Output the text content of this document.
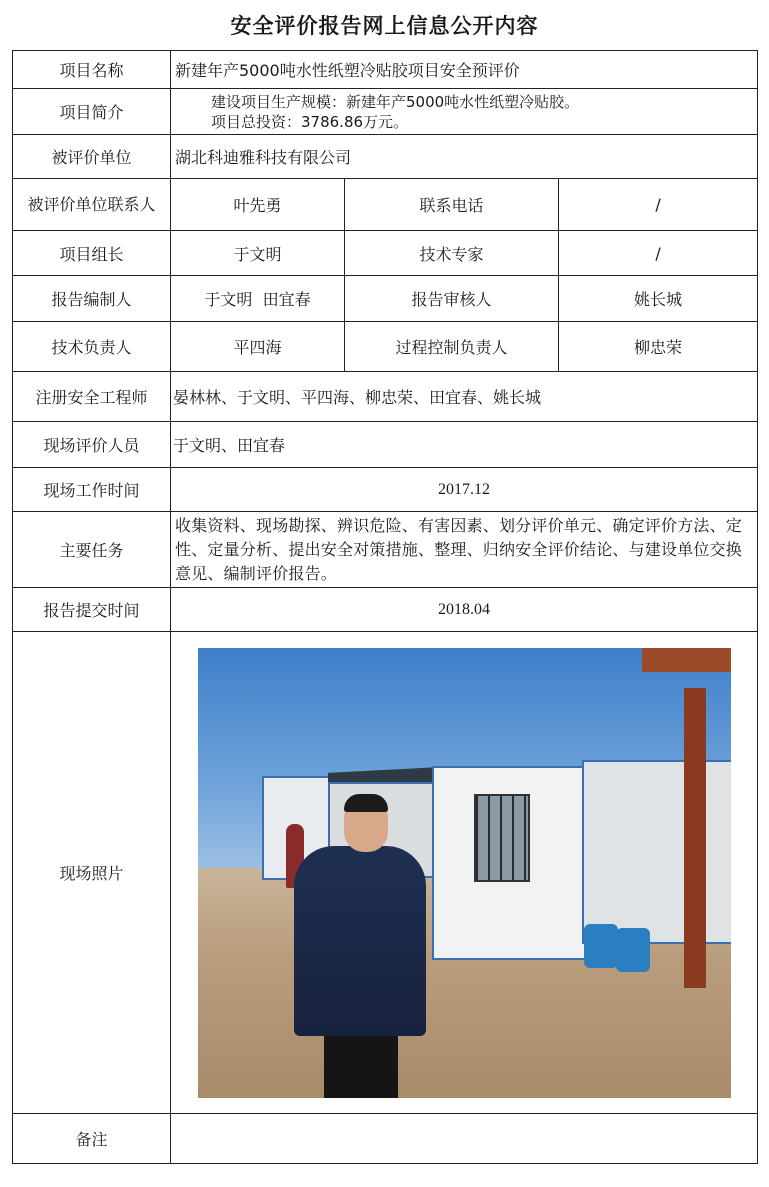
安全评价报告网上信息公开内容
项目名称	新建年产5000吨水性纸塑冷贴胶项目安全预评价		
项目简介	建设项目生产规模：新建年产5000吨水性纸塑冷贴胶。
项目总投资：3786.86万元。		

被评价单位	湖北科迪雅科技有限公司		
被评价单位联系人	叶先勇	联系电话	/
项目组长	于文明	技术专家	/
报告编制人	于文明  田宜春	报告审核人	姚长城
技术负责人	平四海	过程控制负责人	柳忠荣
注册安全工程师	晏林林、于文明、平四海、柳忠荣、田宜春、姚长城		
现场评价人员	于文明、田宜春		
现场工作时间	2017.12		
主要任务	收集资料、现场勘探、辨识危险、有害因素、划分评价单元、确定评价方法、定性、定量分析、提出安全对策措施、整理、归纳安全评价结论、与建设单位交换意见、编制评价报告。		
报告提交时间	2018.04		
现场照片			

备注			
